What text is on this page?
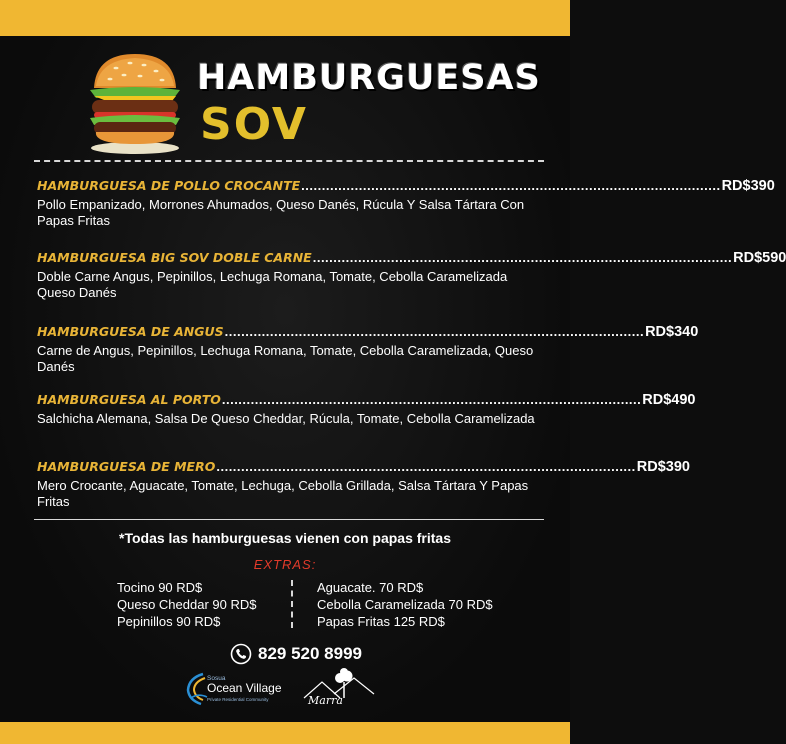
HAMBURGUESAS
SOV
HAMBURGUESA DE POLLO CROCANTE ...................................................................................................... RD$390
Pollo Empanizado, Morrones Ahumados, Queso Danés, Rúcula Y Salsa Tártara Con Papas Fritas
HAMBURGUESA BIG SOV DOBLE CARNE ...................................................................................................... RD$590
Doble Carne Angus, Pepinillos, Lechuga Romana, Tomate, Cebolla Caramelizada Queso Danés
HAMBURGUESA DE ANGUS ...................................................................................................... RD$340
Carne de Angus, Pepinillos, Lechuga Romana, Tomate, Cebolla Caramelizada, Queso Danés
HAMBURGUESA AL PORTO ...................................................................................................... RD$490
Salchicha Alemana, Salsa De Queso Cheddar, Rúcula, Tomate, Cebolla Caramelizada
HAMBURGUESA DE MERO ...................................................................................................... RD$390
Mero Crocante, Aguacate, Tomate, Lechuga, Cebolla Grillada, Salsa Tártara Y Papas Fritas
*Todas las hamburguesas vienen con papas fritas
EXTRAS:
Tocino 90 RD$
Queso Cheddar 90 RD$
Pepinillos 90 RD$
Aguacate. 70 RD$
Cebolla Caramelizada 70 RD$
Papas Fritas 125 RD$
829 520 8999
Sosua
Ocean Village
Private Residential Community	Marra
